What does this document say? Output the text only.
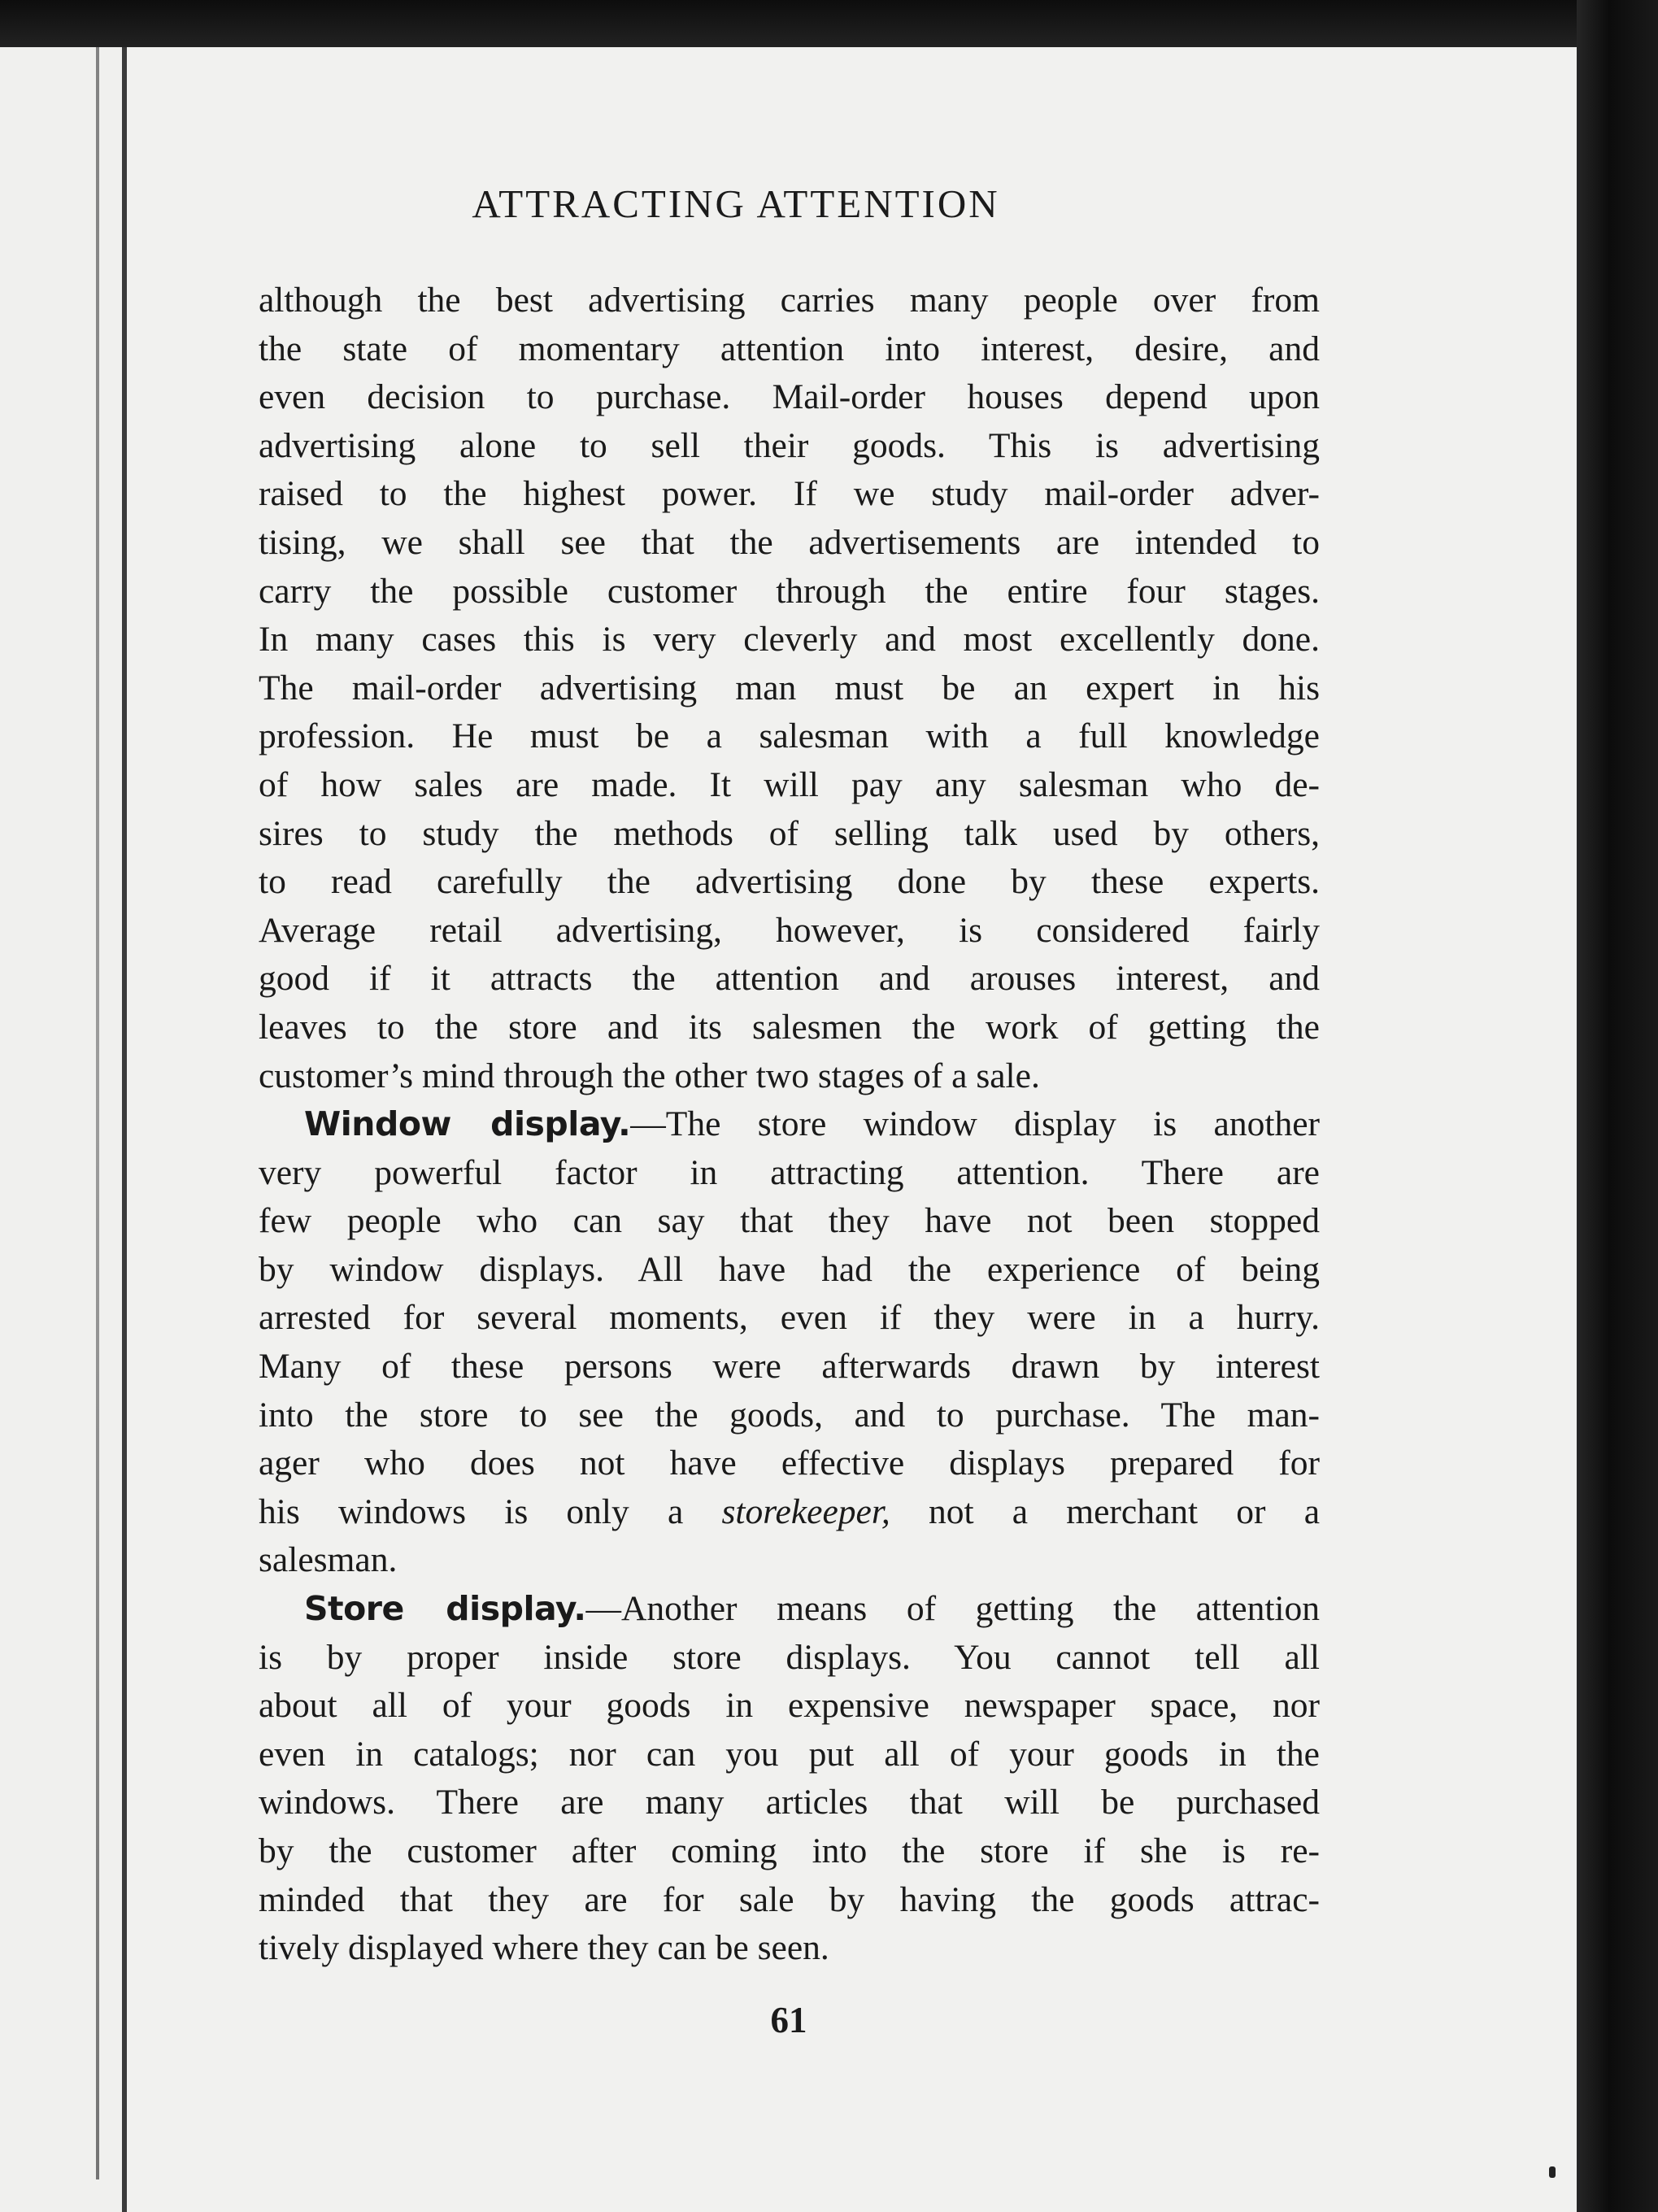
ATTRACTING ATTENTION
although the best advertising carries many people over from
the state of momentary attention into interest, desire, and
even decision to purchase. Mail-order houses depend upon
advertising alone to sell their goods. This is advertising
raised to the highest power. If we study mail-order adver-
tising, we shall see that the advertisements are intended to
carry the possible customer through the entire four stages.
In many cases this is very cleverly and most excellently done.
The mail-order advertising man must be an expert in his
profession. He must be a salesman with a full knowledge
of how sales are made. It will pay any salesman who de-
sires to study the methods of selling talk used by others,
to read carefully the advertising done by these experts.
Average retail advertising, however, is considered fairly
good if it attracts the attention and arouses interest, and
leaves to the store and its salesmen the work of getting the
customer’s mind through the other two stages of a sale.
Window display.—The store window display is another
very powerful factor in attracting attention. There are
few people who can say that they have not been stopped
by window displays. All have had the experience of being
arrested for several moments, even if they were in a hurry.
Many of these persons were afterwards drawn by interest
into the store to see the goods, and to purchase. The man-
ager who does not have effective displays prepared for
his windows is only a storekeeper, not a merchant or a
salesman.
Store display.—Another means of getting the attention
is by proper inside store displays. You cannot tell all
about all of your goods in expensive newspaper space, nor
even in catalogs; nor can you put all of your goods in the
windows. There are many articles that will be purchased
by the customer after coming into the store if she is re-
minded that they are for sale by having the goods attrac-
tively displayed where they can be seen.
61
